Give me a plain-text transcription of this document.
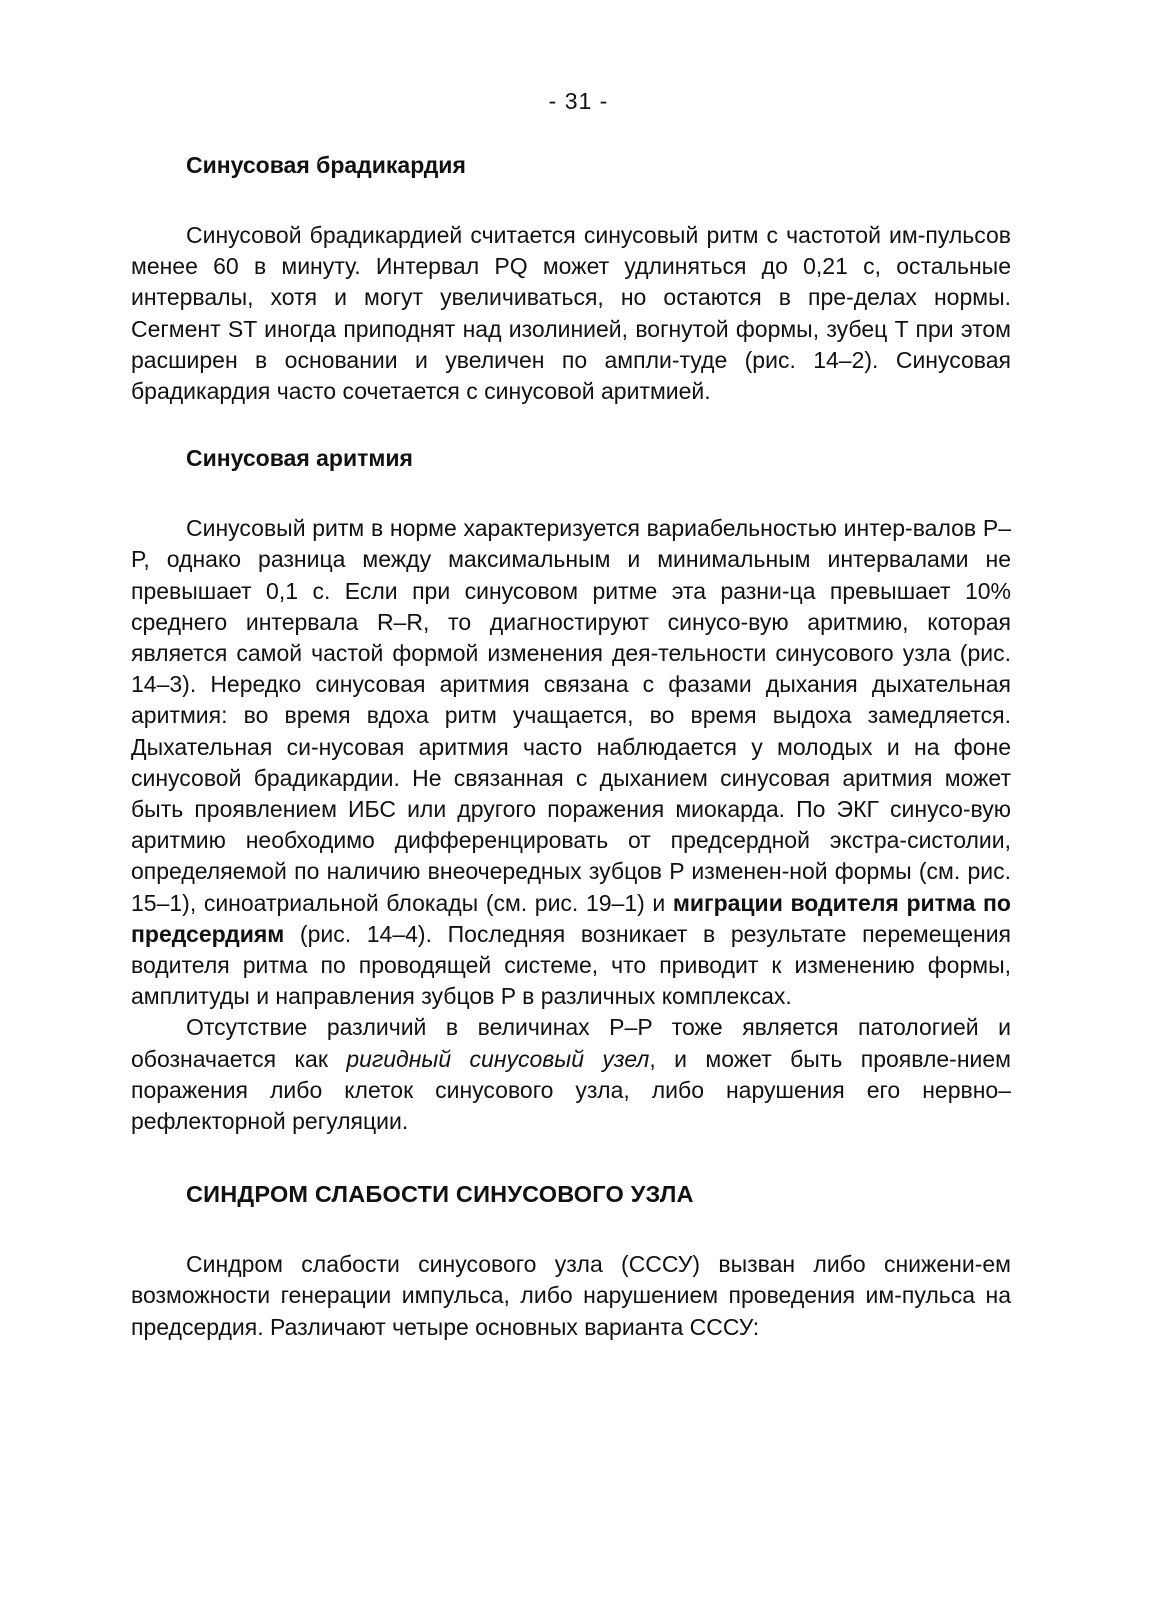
- 31 -
Синусовая брадикардия

Синусовой брадикардией считается синусовый ритм с частотой им-пульсов менее 60 в минуту. Интервал PQ может удлиняться до 0,21 с, остальные интервалы, хотя и могут увеличиваться, но остаются в пре-делах нормы. Сегмент ST иногда приподнят над изолинией, вогнутой формы, зубец T при этом расширен в основании и увеличен по ампли-туде (рис. 14–2). Синусовая брадикардия часто сочетается с синусовой аритмией.

Синусовая аритмия

Синусовый ритм в норме характеризуется вариабельностью интер-валов P–P, однако разница между максимальным и минимальным интервалами не превышает 0,1 с. Если при синусовом ритме эта разни-ца превышает 10% среднего интервала R–R, то диагностируют синусо-вую аритмию, которая является самой частой формой изменения дея-тельности синусового узла (рис. 14–3). Нередко синусовая аритмия связана с фазами дыхания дыхательная аритмия: во время вдоха ритм учащается, во время выдоха замедляется. Дыхательная си-нусовая аритмия часто наблюдается у молодых и на фоне синусовой брадикардии. Не связанная с дыханием синусовая аритмия может быть проявлением ИБС или другого поражения миокарда. По ЭКГ синусо-вую аритмию необходимо дифференцировать от предсердной экстра-систолии, определяемой по наличию внеочередных зубцов P изменен-ной формы (см. рис. 15–1), синоатриальной блокады (см. рис. 19–1) и миграции водителя ритма по предсердиям (рис. 14–4). Последняя возникает в результате перемещения водителя ритма по проводящей системе, что приводит к изменению формы, амплитуды и направления зубцов P в различных комплексах.

Отсутствие различий в величинах P–P тоже является патологией и обозначается как ригидный синусовый узел, и может быть проявле-нием поражения либо клеток синусового узла, либо нарушения его нервно–рефлекторной регуляции.

СИНДРОМ СЛАБОСТИ СИНУСОВОГО УЗЛА

Синдром слабости синусового узла (СССУ) вызван либо снижени-ем возможности генерации импульса, либо нарушением проведения им-пульса на предсердия. Различают четыре основных варианта СССУ:
